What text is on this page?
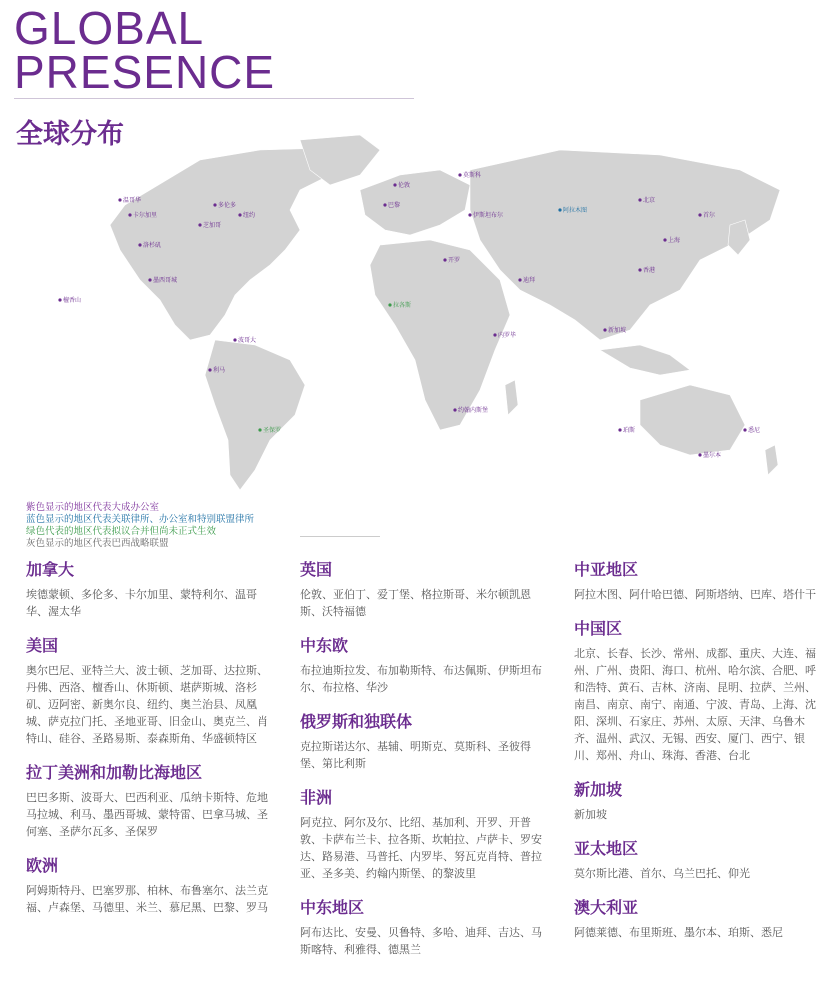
GLOBAL
PRESENCE
全球分布
温哥华
卡尔加里
多伦多
纽约
芝加哥
洛杉矶
墨西哥城
檀香山
波哥大
利马
圣保罗
伦敦
巴黎
莫斯科
伊斯坦布尔
开罗
拉各斯
内罗毕
约翰内斯堡
迪拜
阿拉木图
北京
上海
香港
新加坡
首尔
悉尼
墨尔本
珀斯
紫色显示的地区代表大成办公室
蓝色显示的地区代表关联律所、办公室和特别联盟律所
绿色代表的地区代表拟议合并但尚未正式生效
灰色显示的地区代表巴西战略联盟
加拿大

埃德蒙顿、多伦多、卡尔加里、蒙特利尔、温哥华、渥太华

美国

奥尔巴尼、亚特兰大、波士顿、芝加哥、达拉斯、丹佛、西洛、檀香山、休斯顿、堪萨斯城、洛杉矶、迈阿密、新奥尔良、纽约、奥兰治县、凤凰城、萨克拉门托、圣地亚哥、旧金山、奥克兰、肖特山、硅谷、圣路易斯、泰森斯角、华盛顿特区

拉丁美洲和加勒比海地区

巴巴多斯、波哥大、巴西利亚、瓜纳卡斯特、危地马拉城、利马、墨西哥城、蒙特雷、巴拿马城、圣何塞、圣萨尔瓦多、圣保罗

欧洲

阿姆斯特丹、巴塞罗那、柏林、布鲁塞尔、法兰克福、卢森堡、马德里、米兰、慕尼黑、巴黎、罗马

英国

伦敦、亚伯丁、爱丁堡、格拉斯哥、米尔顿凯恩斯、沃特福德

中东欧

布拉迪斯拉发、布加勒斯特、布达佩斯、伊斯坦布尔、布拉格、华沙

俄罗斯和独联体

克拉斯诺达尔、基辅、明斯克、莫斯科、圣彼得堡、第比利斯

非洲

阿克拉、阿尔及尔、比绍、基加利、开罗、开普敦、卡萨布兰卡、拉各斯、坎帕拉、卢萨卡、罗安达、路易港、马普托、内罗毕、努瓦克肖特、普拉亚、圣多美、约翰内斯堡、的黎波里

中东地区

阿布达比、安曼、贝鲁特、多哈、迪拜、吉达、马斯喀特、利雅得、德黑兰

中亚地区

阿拉木图、阿什哈巴德、阿斯塔纳、巴库、塔什干

中国区

北京、长春、长沙、常州、成都、重庆、大连、福州、广州、贵阳、海口、杭州、哈尔滨、合肥、呼和浩特、黄石、吉林、济南、昆明、拉萨、兰州、南昌、南京、南宁、南通、宁波、青岛、上海、沈阳、深圳、石家庄、苏州、太原、天津、乌鲁木齐、温州、武汉、无锡、西安、厦门、西宁、银川、郑州、舟山、珠海、香港、台北

新加坡

新加坡

亚太地区

莫尔斯比港、首尔、乌兰巴托、仰光

澳大利亚

阿德莱德、布里斯班、墨尔本、珀斯、悉尼
